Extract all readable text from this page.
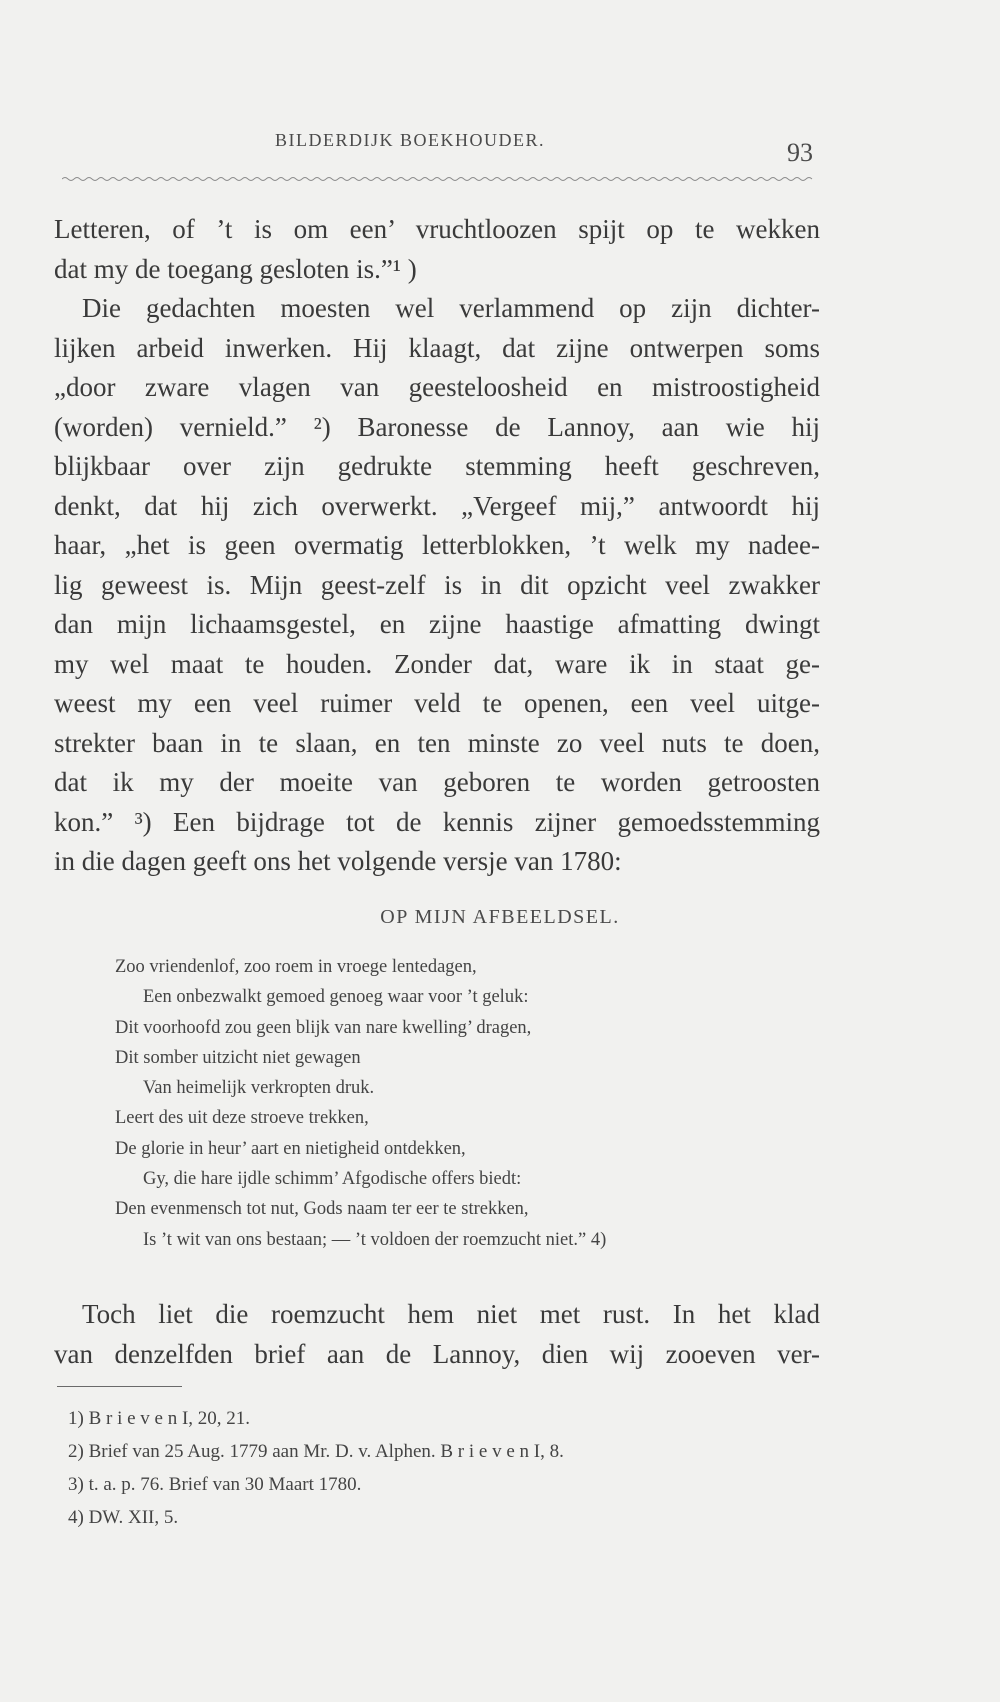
BILDERDIJK BOEKHOUDER.	93
Letteren, of ’t is om een’ vruchtloozen spijt op te wekken
dat my de toegang gesloten is.”¹ )
Die gedachten moesten wel verlammend op zijn dichter-
lijken arbeid inwerken. Hij klaagt, dat zijne ontwerpen soms
„door zware vlagen van geesteloosheid en mistroostigheid
(worden) vernield.” ²) Baronesse de Lannoy, aan wie hij
blijkbaar over zijn gedrukte stemming heeft geschreven,
denkt, dat hij zich overwerkt. „Vergeef mij,” antwoordt hij
haar, „het is geen overmatig letterblokken, ’t welk my nadee-
lig geweest is. Mijn geest-zelf is in dit opzicht veel zwakker
dan mijn lichaamsgestel, en zijne haastige afmatting dwingt
my wel maat te houden. Zonder dat, ware ik in staat ge-
weest my een veel ruimer veld te openen, een veel uitge-
strekter baan in te slaan, en ten minste zo veel nuts te doen,
dat ik my der moeite van geboren te worden getroosten
kon.” ³) Een bijdrage tot de kennis zijner gemoedsstemming
in die dagen geeft ons het volgende versje van 1780:
OP MIJN AFBEELDSEL.
Zoo vriendenlof, zoo roem in vroege lentedagen,
Een onbezwalkt gemoed genoeg waar voor ’t geluk:
Dit voorhoofd zou geen blijk van nare kwelling’ dragen,
Dit somber uitzicht niet gewagen
Van heimelijk verkropten druk.
Leert des uit deze stroeve trekken,
De glorie in heur’ aart en nietigheid ontdekken,
Gy, die hare ijdle schimm’ Afgodische offers biedt:
Den evenmensch tot nut, Gods naam ter eer te strekken,
Is ’t wit van ons bestaan; — ’t voldoen der roemzucht niet.” 4)
Toch liet die roemzucht hem niet met rust. In het klad
van denzelfden brief aan de Lannoy, dien wij zooeven ver-
1) B r i e v e n I, 20, 21.
2) Brief van 25 Aug. 1779 aan Mr. D. v. Alphen. B r i e v e n I, 8.
3) t. a. p. 76. Brief van 30 Maart 1780.
4) DW. XII, 5.
